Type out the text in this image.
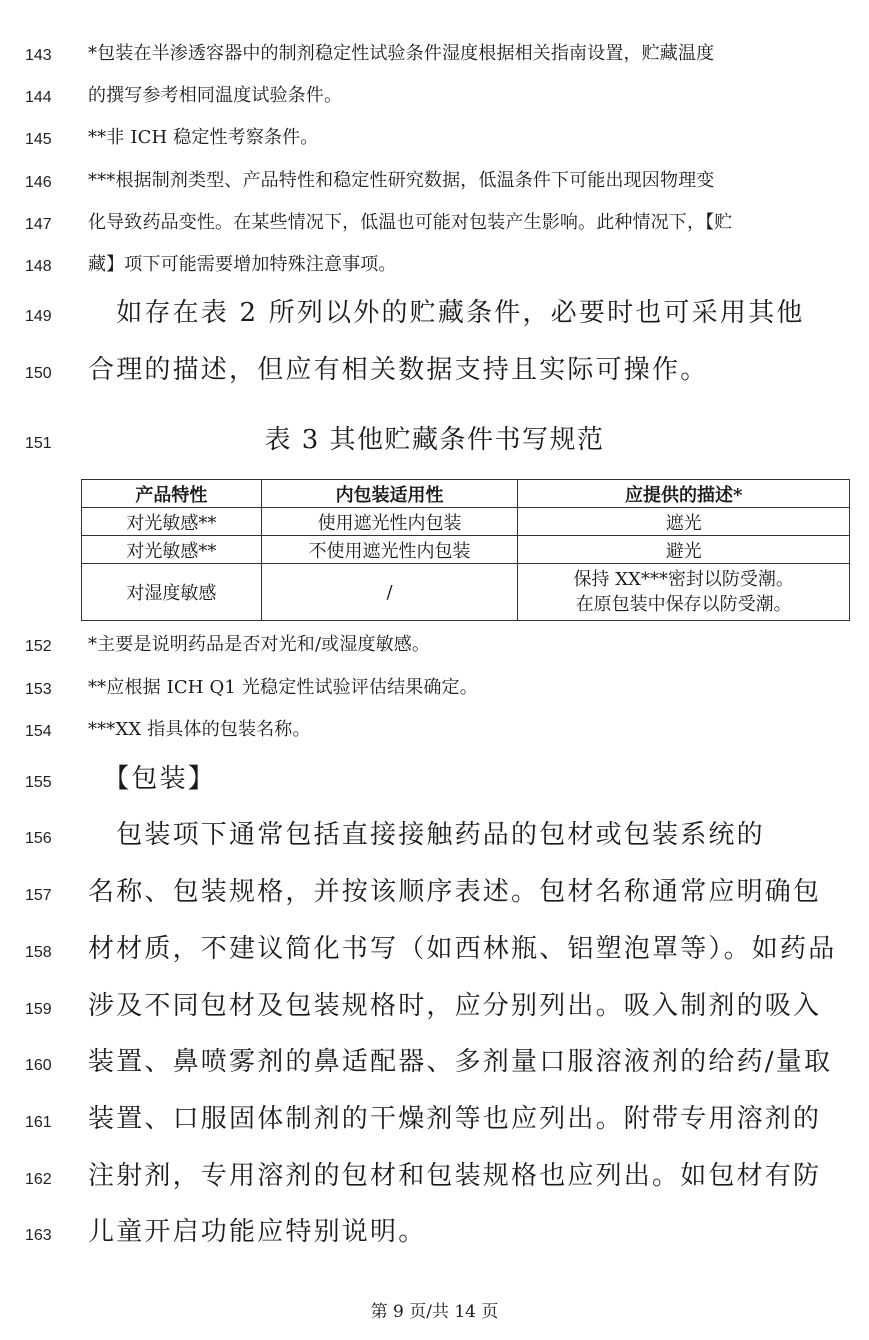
143	*包装在半渗透容器中的制剂稳定性试验条件湿度根据相关指南设置，贮藏温度
144	的撰写参考相同温度试验条件。
145	**非 ICH 稳定性考察条件。
146	***根据制剂类型、产品特性和稳定性研究数据，低温条件下可能出现因物理变
147	化导致药品变性。在某些情况下，低温也可能对包装产生影响。此种情况下，【贮
148	藏】项下可能需要增加特殊注意事项。
149 　如存在表 2 所列以外的贮藏条件，必要时也可采用其他
150 合理的描述，但应有相关数据支持且实际可操作。
151	表 3 其他贮藏条件书写规范
产品特性	内包装适用性	应提供的描述*
对光敏感**	使用遮光性内包装	遮光
对光敏感**	不使用遮光性内包装	避光
对湿度敏感	/	保持 XX***密封以防受潮。
在原包装中保存以防受潮。
152	*主要是说明药品是否对光和/或湿度敏感。
153	**应根据 ICH Q1 光稳定性试验评估结果确定。
154	***XX 指具体的包装名称。
155 　【包装】
156 　包装项下通常包括直接接触药品的包材或包装系统的
157 名称、包装规格，并按该顺序表述。包材名称通常应明确包
158 材材质，不建议简化书写（如西林瓶、铝塑泡罩等）。如药品
159 涉及不同包材及包装规格时，应分别列出。吸入制剂的吸入
160 装置、鼻喷雾剂的鼻适配器、多剂量口服溶液剂的给药/量取
161 装置、口服固体制剂的干燥剂等也应列出。附带专用溶剂的
162 注射剂，专用溶剂的包材和包装规格也应列出。如包材有防
163 儿童开启功能应特别说明。
第 9 页/共 14 页
